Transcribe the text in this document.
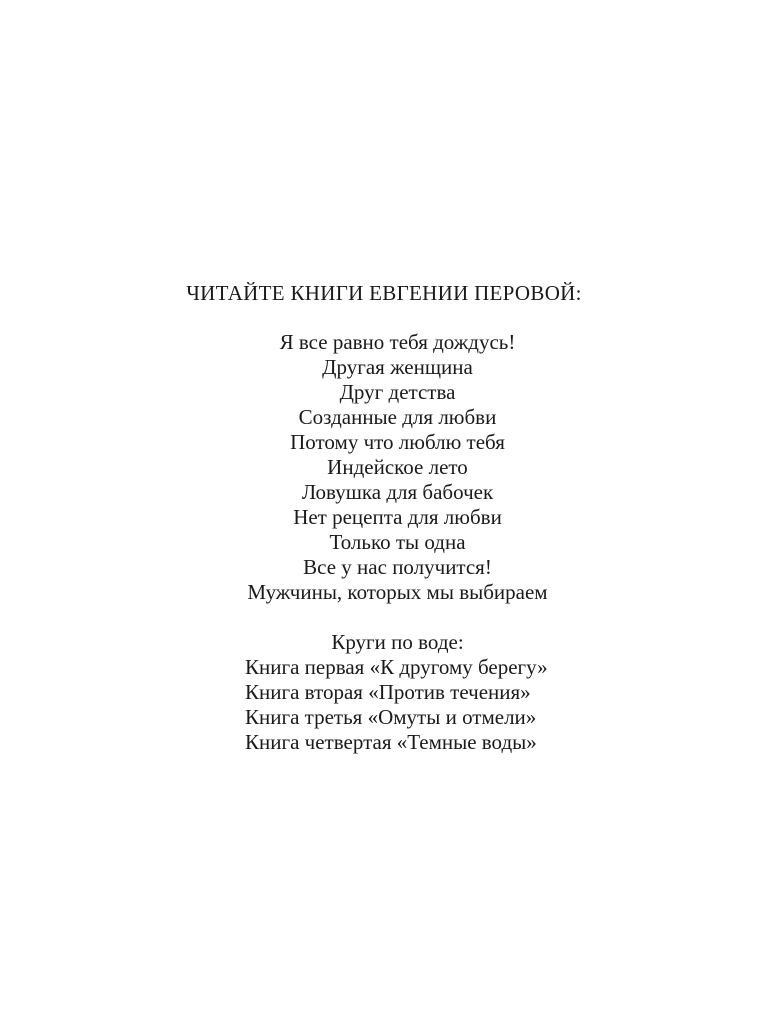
ЧИТАЙТЕ КНИГИ ЕВГЕНИИ ПЕРОВОЙ:
Я все равно тебя дождусь!
Другая женщина
Друг детства
Созданные для любви
Потому что люблю тебя
Индейское лето
Ловушка для бабочек
Нет рецепта для любви
Только ты одна
Все у нас получится!
Мужчины, которых мы выбираем
Круги по воде:
Книга первая «К другому берегу»
Книга вторая «Против течения»
Книга третья «Омуты и отмели»
Книга четвертая «Темные воды»
